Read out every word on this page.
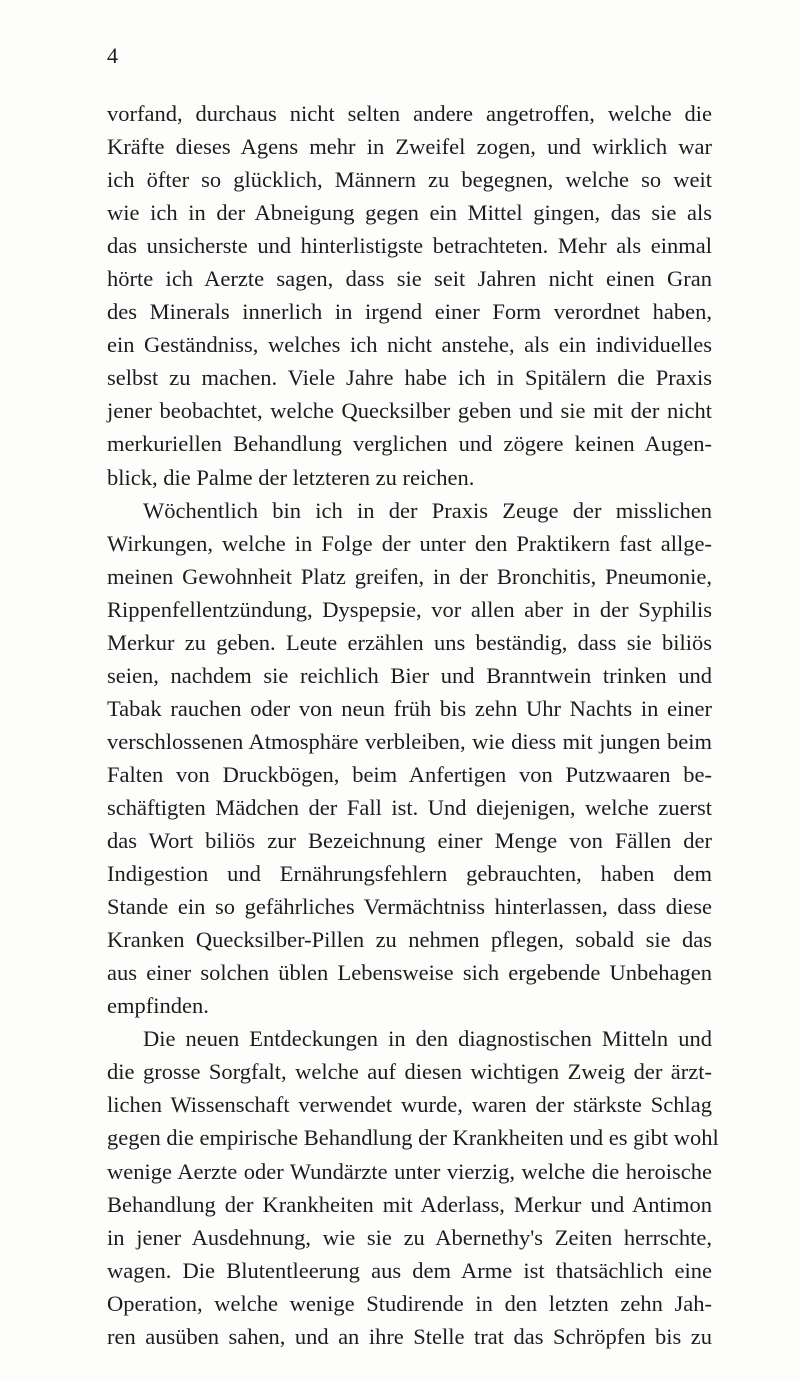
4
vorfand, durchaus nicht selten andere angetroffen, welche die
Kräfte dieses Agens mehr in Zweifel zogen, und wirklich war
ich öfter so glücklich, Männern zu begegnen, welche so weit
wie ich in der Abneigung gegen ein Mittel gingen, das sie als
das unsicherste und hinterlistigste betrachteten. Mehr als einmal
hörte ich Aerzte sagen, dass sie seit Jahren nicht einen Gran
des Minerals innerlich in irgend einer Form verordnet haben,
ein Geständniss, welches ich nicht anstehe, als ein individuelles
selbst zu machen. Viele Jahre habe ich in Spitälern die Praxis
jener beobachtet, welche Quecksilber geben und sie mit der nicht
merkuriellen Behandlung verglichen und zögere keinen Augen-
blick, die Palme der letzteren zu reichen.
Wöchentlich bin ich in der Praxis Zeuge der misslichen
Wirkungen, welche in Folge der unter den Praktikern fast allge-
meinen Gewohnheit Platz greifen, in der Bronchitis, Pneumonie,
Rippenfellentzündung, Dyspepsie, vor allen aber in der Syphilis
Merkur zu geben. Leute erzählen uns beständig, dass sie biliös
seien, nachdem sie reichlich Bier und Branntwein trinken und
Tabak rauchen oder von neun früh bis zehn Uhr Nachts in einer
verschlossenen Atmosphäre verbleiben, wie diess mit jungen beim
Falten von Druckbögen, beim Anfertigen von Putzwaaren be-
schäftigten Mädchen der Fall ist. Und diejenigen, welche zuerst
das Wort biliös zur Bezeichnung einer Menge von Fällen der
Indigestion und Ernährungsfehlern gebrauchten, haben dem
Stande ein so gefährliches Vermächtniss hinterlassen, dass diese
Kranken Quecksilber-Pillen zu nehmen pflegen, sobald sie das
aus einer solchen üblen Lebensweise sich ergebende Unbehagen
empfinden.
Die neuen Entdeckungen in den diagnostischen Mitteln und
die grosse Sorgfalt, welche auf diesen wichtigen Zweig der ärzt-
lichen Wissenschaft verwendet wurde, waren der stärkste Schlag
gegen die empirische Behandlung der Krankheiten und es gibt wohl
wenige Aerzte oder Wundärzte unter vierzig, welche die heroische
Behandlung der Krankheiten mit Aderlass, Merkur und Antimon
in jener Ausdehnung, wie sie zu Abernethy's Zeiten herrschte,
wagen. Die Blutentleerung aus dem Arme ist thatsächlich eine
Operation, welche wenige Studirende in den letzten zehn Jah-
ren ausüben sahen, und an ihre Stelle trat das Schröpfen bis zu
